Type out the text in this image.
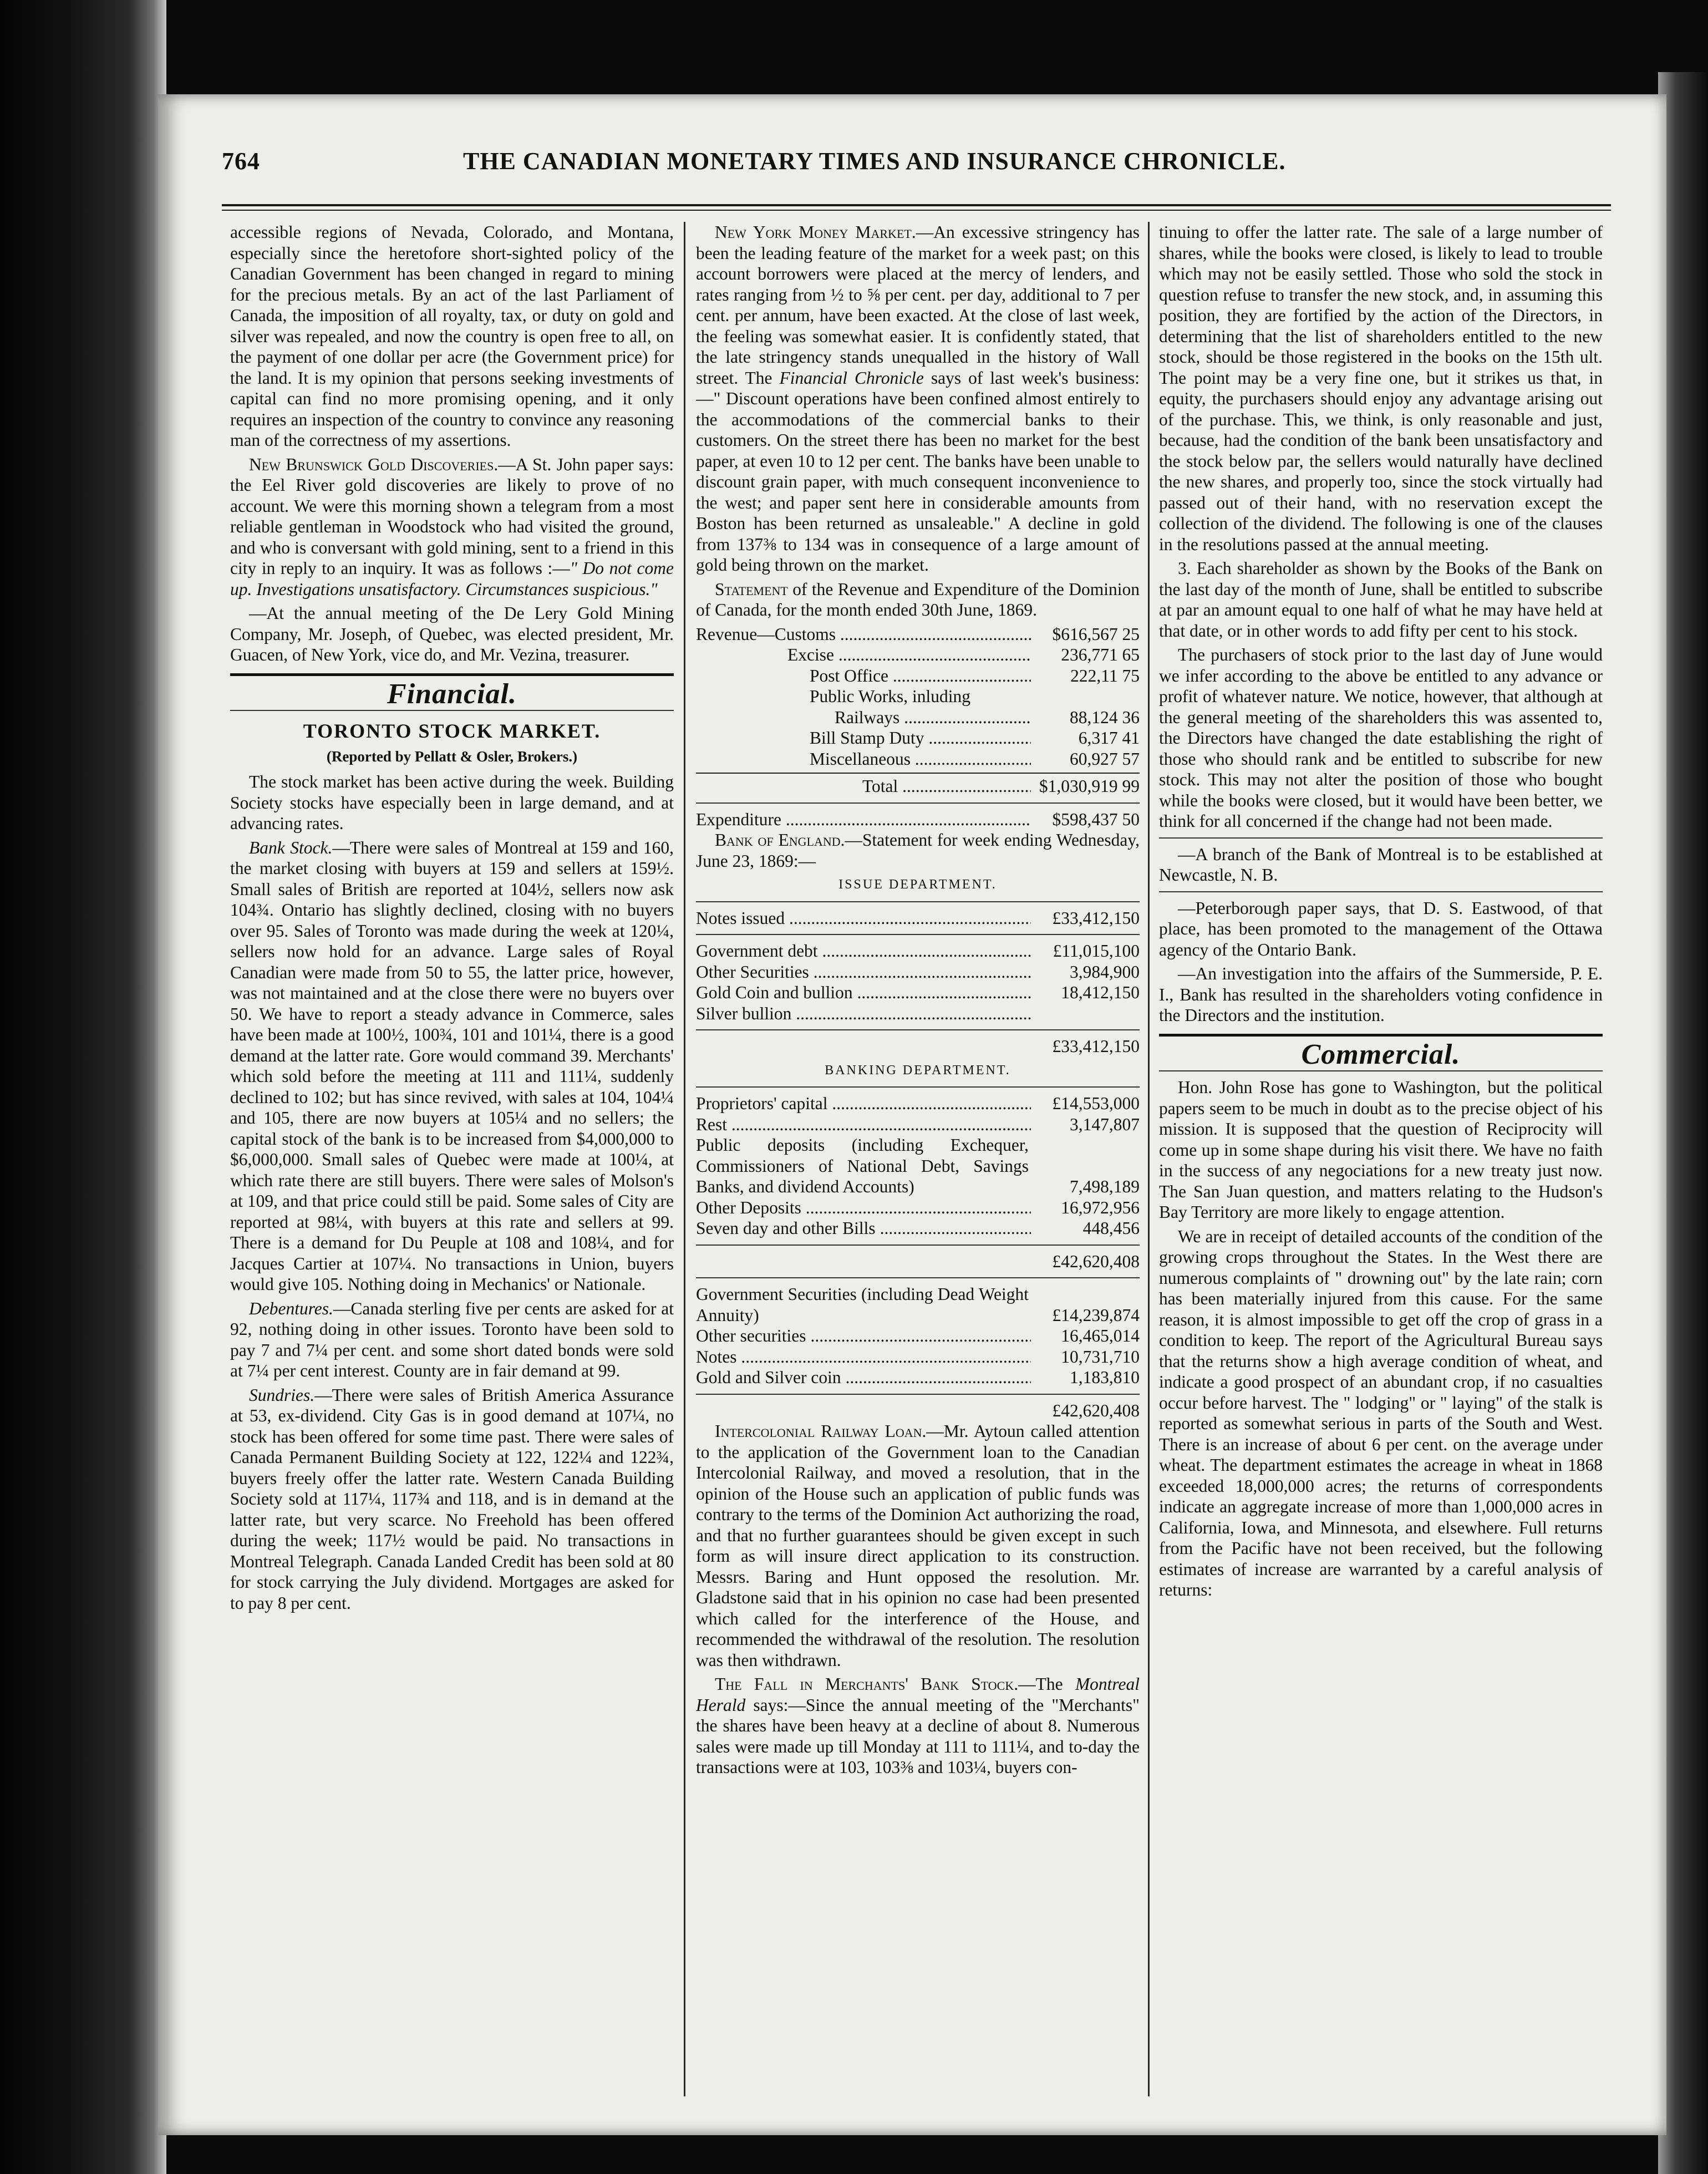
764	THE CANADIAN MONETARY TIMES AND INSURANCE CHRONICLE.

accessible regions of Nevada, Colorado, and Montana, especially since the heretofore short-sighted policy of the Canadian Government has been changed in regard to mining for the precious metals. By an act of the last Parliament of Canada, the imposition of all royalty, tax, or duty on gold and silver was repealed, and now the country is open free to all, on the payment of one dollar per acre (the Government price) for the land. It is my opinion that persons seeking investments of capital can find no more promising opening, and it only requires an inspection of the country to convince any reasoning man of the correctness of my assertions.

New Brunswick Gold Discoveries.—A St. John paper says: the Eel River gold discoveries are likely to prove of no account. We were this morning shown a telegram from a most reliable gentleman in Woodstock who had visited the ground, and who is conversant with gold mining, sent to a friend in this city in reply to an inquiry. It was as follows :—" Do not come up. Investigations unsatisfactory. Circumstances suspicious."

—At the annual meeting of the De Lery Gold Mining Company, Mr. Joseph, of Quebec, was elected president, Mr. Guacen, of New York, vice do, and Mr. Vezina, treasurer.

Financial.
TORONTO STOCK MARKET.
(Reported by Pellatt & Osler, Brokers.)

The stock market has been active during the week. Building Society stocks have especially been in large demand, and at advancing rates.

Bank Stock.—There were sales of Montreal at 159 and 160, the market closing with buyers at 159 and sellers at 159½. Small sales of British are reported at 104½, sellers now ask 104¾. Ontario has slightly declined, closing with no buyers over 95. Sales of Toronto was made during the week at 120¼, sellers now hold for an advance. Large sales of Royal Canadian were made from 50 to 55, the latter price, however, was not maintained and at the close there were no buyers over 50. We have to report a steady advance in Commerce, sales have been made at 100½, 100¾, 101 and 101¼, there is a good demand at the latter rate. Gore would command 39. Merchants' which sold before the meeting at 111 and 111¼, suddenly declined to 102; but has since revived, with sales at 104, 104¼ and 105, there are now buyers at 105¼ and no sellers; the capital stock of the bank is to be increased from $4,000,000 to $6,000,000. Small sales of Quebec were made at 100¼, at which rate there are still buyers. There were sales of Molson's at 109, and that price could still be paid. Some sales of City are reported at 98¼, with buyers at this rate and sellers at 99. There is a demand for Du Peuple at 108 and 108¼, and for Jacques Cartier at 107¼. No transactions in Union, buyers would give 105. Nothing doing in Mechanics' or Nationale.

Debentures.—Canada sterling five per cents are asked for at 92, nothing doing in other issues. Toronto have been sold to pay 7 and 7¼ per cent. and some short dated bonds were sold at 7¼ per cent interest. County are in fair demand at 99.

Sundries.—There were sales of British America Assurance at 53, ex-dividend. City Gas is in good demand at 107¼, no stock has been offered for some time past. There were sales of Canada Permanent Building Society at 122, 122¼ and 122¾, buyers freely offer the latter rate. Western Canada Building Society sold at 117¼, 117¾ and 118, and is in demand at the latter rate, but very scarce. No Freehold has been offered during the week; 117½ would be paid. No transactions in Montreal Telegraph. Canada Landed Credit has been sold at 80 for stock carrying the July dividend. Mortgages are asked for to pay 8 per cent.

New York Money Market.—An excessive stringency has been the leading feature of the market for a week past; on this account borrowers were placed at the mercy of lenders, and rates ranging from ½ to ⅝ per cent. per day, additional to 7 per cent. per annum, have been exacted. At the close of last week, the feeling was somewhat easier. It is confidently stated, that the late stringency stands unequalled in the history of Wall street. The Financial Chronicle says of last week's business:—" Discount operations have been confined almost entirely to the accommodations of the commercial banks to their customers. On the street there has been no market for the best paper, at even 10 to 12 per cent. The banks have been unable to discount grain paper, with much consequent inconvenience to the west; and paper sent here in considerable amounts from Boston has been returned as unsaleable." A decline in gold from 137⅜ to 134 was in consequence of a large amount of gold being thrown on the market.

Statement of the Revenue and Expenditure of the Dominion of Canada, for the month ended 30th June, 1869.

Revenue—Customs .....	$616,567 25
Excise .....	236,771 65
Post Office .....	222,11 75
Public Works, inluding
Railways .....	88,124 36
Bill Stamp Duty .....	6,317 41
Miscellaneous .....	60,927 57
Total .....	$1,030,919 99
Expenditure .....	$598,437 50

Bank of England.—Statement for week ending Wednesday, June 23, 1869:—

ISSUE DEPARTMENT.
Notes issued .....	£33,412,150
Government debt .....	£11,015,100
Other Securities .....	3,984,900
Gold Coin and bullion .....	18,412,150
Silver bullion .....
£33,412,150
BANKING DEPARTMENT.
Proprietors' capital .....	£14,553,000
Rest .....	3,147,807
Public deposits (including Exchequer, Commissioners of National Debt, Savings Banks, and dividend Accounts)	7,498,189
Other Deposits .....	16,972,956
Seven day and other Bills .....	448,456
£42,620,408
Government Securities (including Dead Weight Annuity)	£14,239,874
Other securities .....	16,465,014
Notes .....	10,731,710
Gold and Silver coin .....	1,183,810
£42,620,408

Intercolonial Railway Loan.—Mr. Aytoun called attention to the application of the Government loan to the Canadian Intercolonial Railway, and moved a resolution, that in the opinion of the House such an application of public funds was contrary to the terms of the Dominion Act authorizing the road, and that no further guarantees should be given except in such form as will insure direct application to its construction. Messrs. Baring and Hunt opposed the resolution. Mr. Gladstone said that in his opinion no case had been presented which called for the interference of the House, and recommended the withdrawal of the resolution. The resolution was then withdrawn.

The Fall in Merchants' Bank Stock.—The Montreal Herald says:—Since the annual meeting of the "Merchants" the shares have been heavy at a decline of about 8. Numerous sales were made up till Monday at 111 to 111¼, and to-day the transactions were at 103, 103⅜ and 103¼, buyers con-

tinuing to offer the latter rate. The sale of a large number of shares, while the books were closed, is likely to lead to trouble which may not be easily settled. Those who sold the stock in question refuse to transfer the new stock, and, in assuming this position, they are fortified by the action of the Directors, in determining that the list of shareholders entitled to the new stock, should be those registered in the books on the 15th ult. The point may be a very fine one, but it strikes us that, in equity, the purchasers should enjoy any advantage arising out of the purchase. This, we think, is only reasonable and just, because, had the condition of the bank been unsatisfactory and the stock below par, the sellers would naturally have declined the new shares, and properly too, since the stock virtually had passed out of their hand, with no reservation except the collection of the dividend. The following is one of the clauses in the resolutions passed at the annual meeting.

3. Each shareholder as shown by the Books of the Bank on the last day of the month of June, shall be entitled to subscribe at par an amount equal to one half of what he may have held at that date, or in other words to add fifty per cent to his stock.

The purchasers of stock prior to the last day of June would we infer according to the above be entitled to any advance or profit of whatever nature. We notice, however, that although at the general meeting of the shareholders this was assented to, the Directors have changed the date establishing the right of those who should rank and be entitled to subscribe for new stock. This may not alter the position of those who bought while the books were closed, but it would have been better, we think for all concerned if the change had not been made.

—A branch of the Bank of Montreal is to be established at Newcastle, N. B.

—Peterborough paper says, that D. S. Eastwood, of that place, has been promoted to the management of the Ottawa agency of the Ontario Bank.

—An investigation into the affairs of the Summerside, P. E. I., Bank has resulted in the shareholders voting confidence in the Directors and the institution.

Commercial.

Hon. John Rose has gone to Washington, but the political papers seem to be much in doubt as to the precise object of his mission. It is supposed that the question of Reciprocity will come up in some shape during his visit there. We have no faith in the success of any negociations for a new treaty just now. The San Juan question, and matters relating to the Hudson's Bay Territory are more likely to engage attention.

We are in receipt of detailed accounts of the condition of the growing crops throughout the States. In the West there are numerous complaints of " drowning out" by the late rain; corn has been materially injured from this cause. For the same reason, it is almost impossible to get off the crop of grass in a condition to keep. The report of the Agricultural Bureau says that the returns show a high average condition of wheat, and indicate a good prospect of an abundant crop, if no casualties occur before harvest. The " lodging" or " laying" of the stalk is reported as somewhat serious in parts of the South and West. There is an increase of about 6 per cent. on the average under wheat. The department estimates the acreage in wheat in 1868 exceeded 18,000,000 acres; the returns of correspondents indicate an aggregate increase of more than 1,000,000 acres in California, Iowa, and Minnesota, and elsewhere. Full returns from the Pacific have not been received, but the following estimates of increase are warranted by a careful analysis of returns:
